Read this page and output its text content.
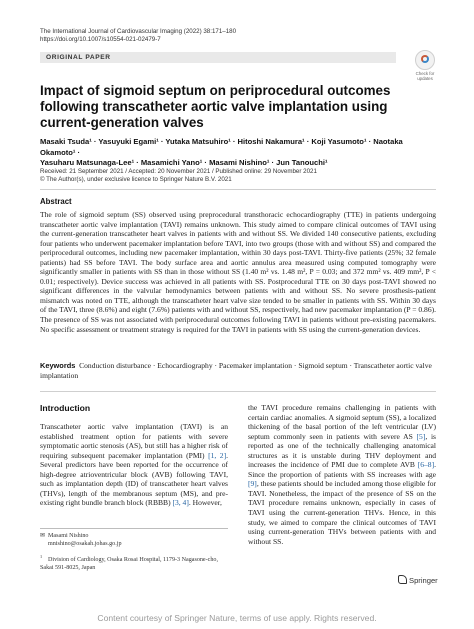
The International Journal of Cardiovascular Imaging (2022) 38:171–180
https://doi.org/10.1007/s10554-021-02479-7
ORIGINAL PAPER
Check for updates
Impact of sigmoid septum on periprocedural outcomes following transcatheter aortic valve implantation using current-generation valves
Masaki Tsuda¹ · Yasuyuki Egami¹ · Yutaka Matsuhiro¹ · Hitoshi Nakamura¹ · Koji Yasumoto¹ · Naotaka Okamoto¹ ·
Yasuharu Matsunaga-Lee¹ · Masamichi Yano¹ · Masami Nishino¹ · Jun Tanouchi¹
Received: 21 September 2021 / Accepted: 20 November 2021 / Published online: 29 November 2021
© The Author(s), under exclusive licence to Springer Nature B.V. 2021
Abstract
The role of sigmoid septum (SS) observed using preprocedural transthoracic echocardiography (TTE) in patients undergoing transcatheter aortic valve implantation (TAVI) remains unknown. This study aimed to compare clinical outcomes of TAVI using the current-generation transcatheter heart valves in patients with and without SS. We divided 140 consecutive patients, excluding four patients who underwent pacemaker implantation before TAVI, into two groups (those with and without SS) and compared the periprocedural outcomes, including new pacemaker implantation, within 30 days post-TAVI. Thirty-five patients (25%; 32 female patients) had SS before TAVI. The body surface area and aortic annulus area measured using computed tomography were significantly smaller in patients with SS than in those without SS (1.40 m² vs. 1.48 m², P = 0.03; and 372 mm² vs. 409 mm², P < 0.01; respectively). Device success was achieved in all patients with SS. Postprocedural TTE on 30 days post-TAVI showed no significant differences in the valvular hemodynamics between patients with and without SS. No severe prosthesis-patient mismatch was noted on TTE, although the transcatheter heart valve size tended to be smaller in patients with SS. Within 30 days of the TAVI, three (8.6%) and eight (7.6%) patients with and without SS, respectively, had new pacemaker implantation (P = 0.86). The presence of SS was not associated with periprocedural outcomes following TAVI in patients without pre-existing pacemakers. No specific assessment or treatment strategy is required for the TAVI in patients with SS using the current-generation devices.
Keywords Conduction disturbance · Echocardiography · Pacemaker implantation · Sigmoid septum · Transcatheter aortic valve implantation
Introduction
Transcatheter aortic valve implantation (TAVI) is an established treatment option for patients with severe symptomatic aortic stenosis (AS), but still has a higher risk of requiring subsequent pacemaker implantation (PMI) [1, 2]. Several predictors have been reported for the occurrence of high-degree atrioventricular block (AVB) following TAVI, such as implantation depth (ID) of transcatheter heart valves (THVs), length of the membranous septum (MS), and pre-existing right bundle branch block (RBBB) [3, 4]. However,
the TAVI procedure remains challenging in patients with certain cardiac anomalies. A sigmoid septum (SS), a localized thickening of the basal portion of the left ventricular (LV) septum commonly seen in patients with severe AS [5], is reported as one of the technically challenging anatomical structures as it is unstable during THV deployment and increases the incidence of PMI due to complete AVB [6–8]. Since the proportion of patients with SS increases with age [9], these patients should be included among those eligible for TAVI. Nonetheless, the impact of the presence of SS on the TAVI procedure remains unknown, especially in cases of TAVI using the current-generation THVs. Hence, in this study, we aimed to compare the clinical outcomes of TAVI using current-generation THVs between patients with and without SS.
✉ Masami Nishino
mnishino@osakah.johas.go.jp
$^1$Division of Cardiology, Osaka Rosai Hospital, 1179-3 Nagasone-cho, Sakai 591-8025, Japan
Springer
Content courtesy of Springer Nature, terms of use apply. Rights reserved.
